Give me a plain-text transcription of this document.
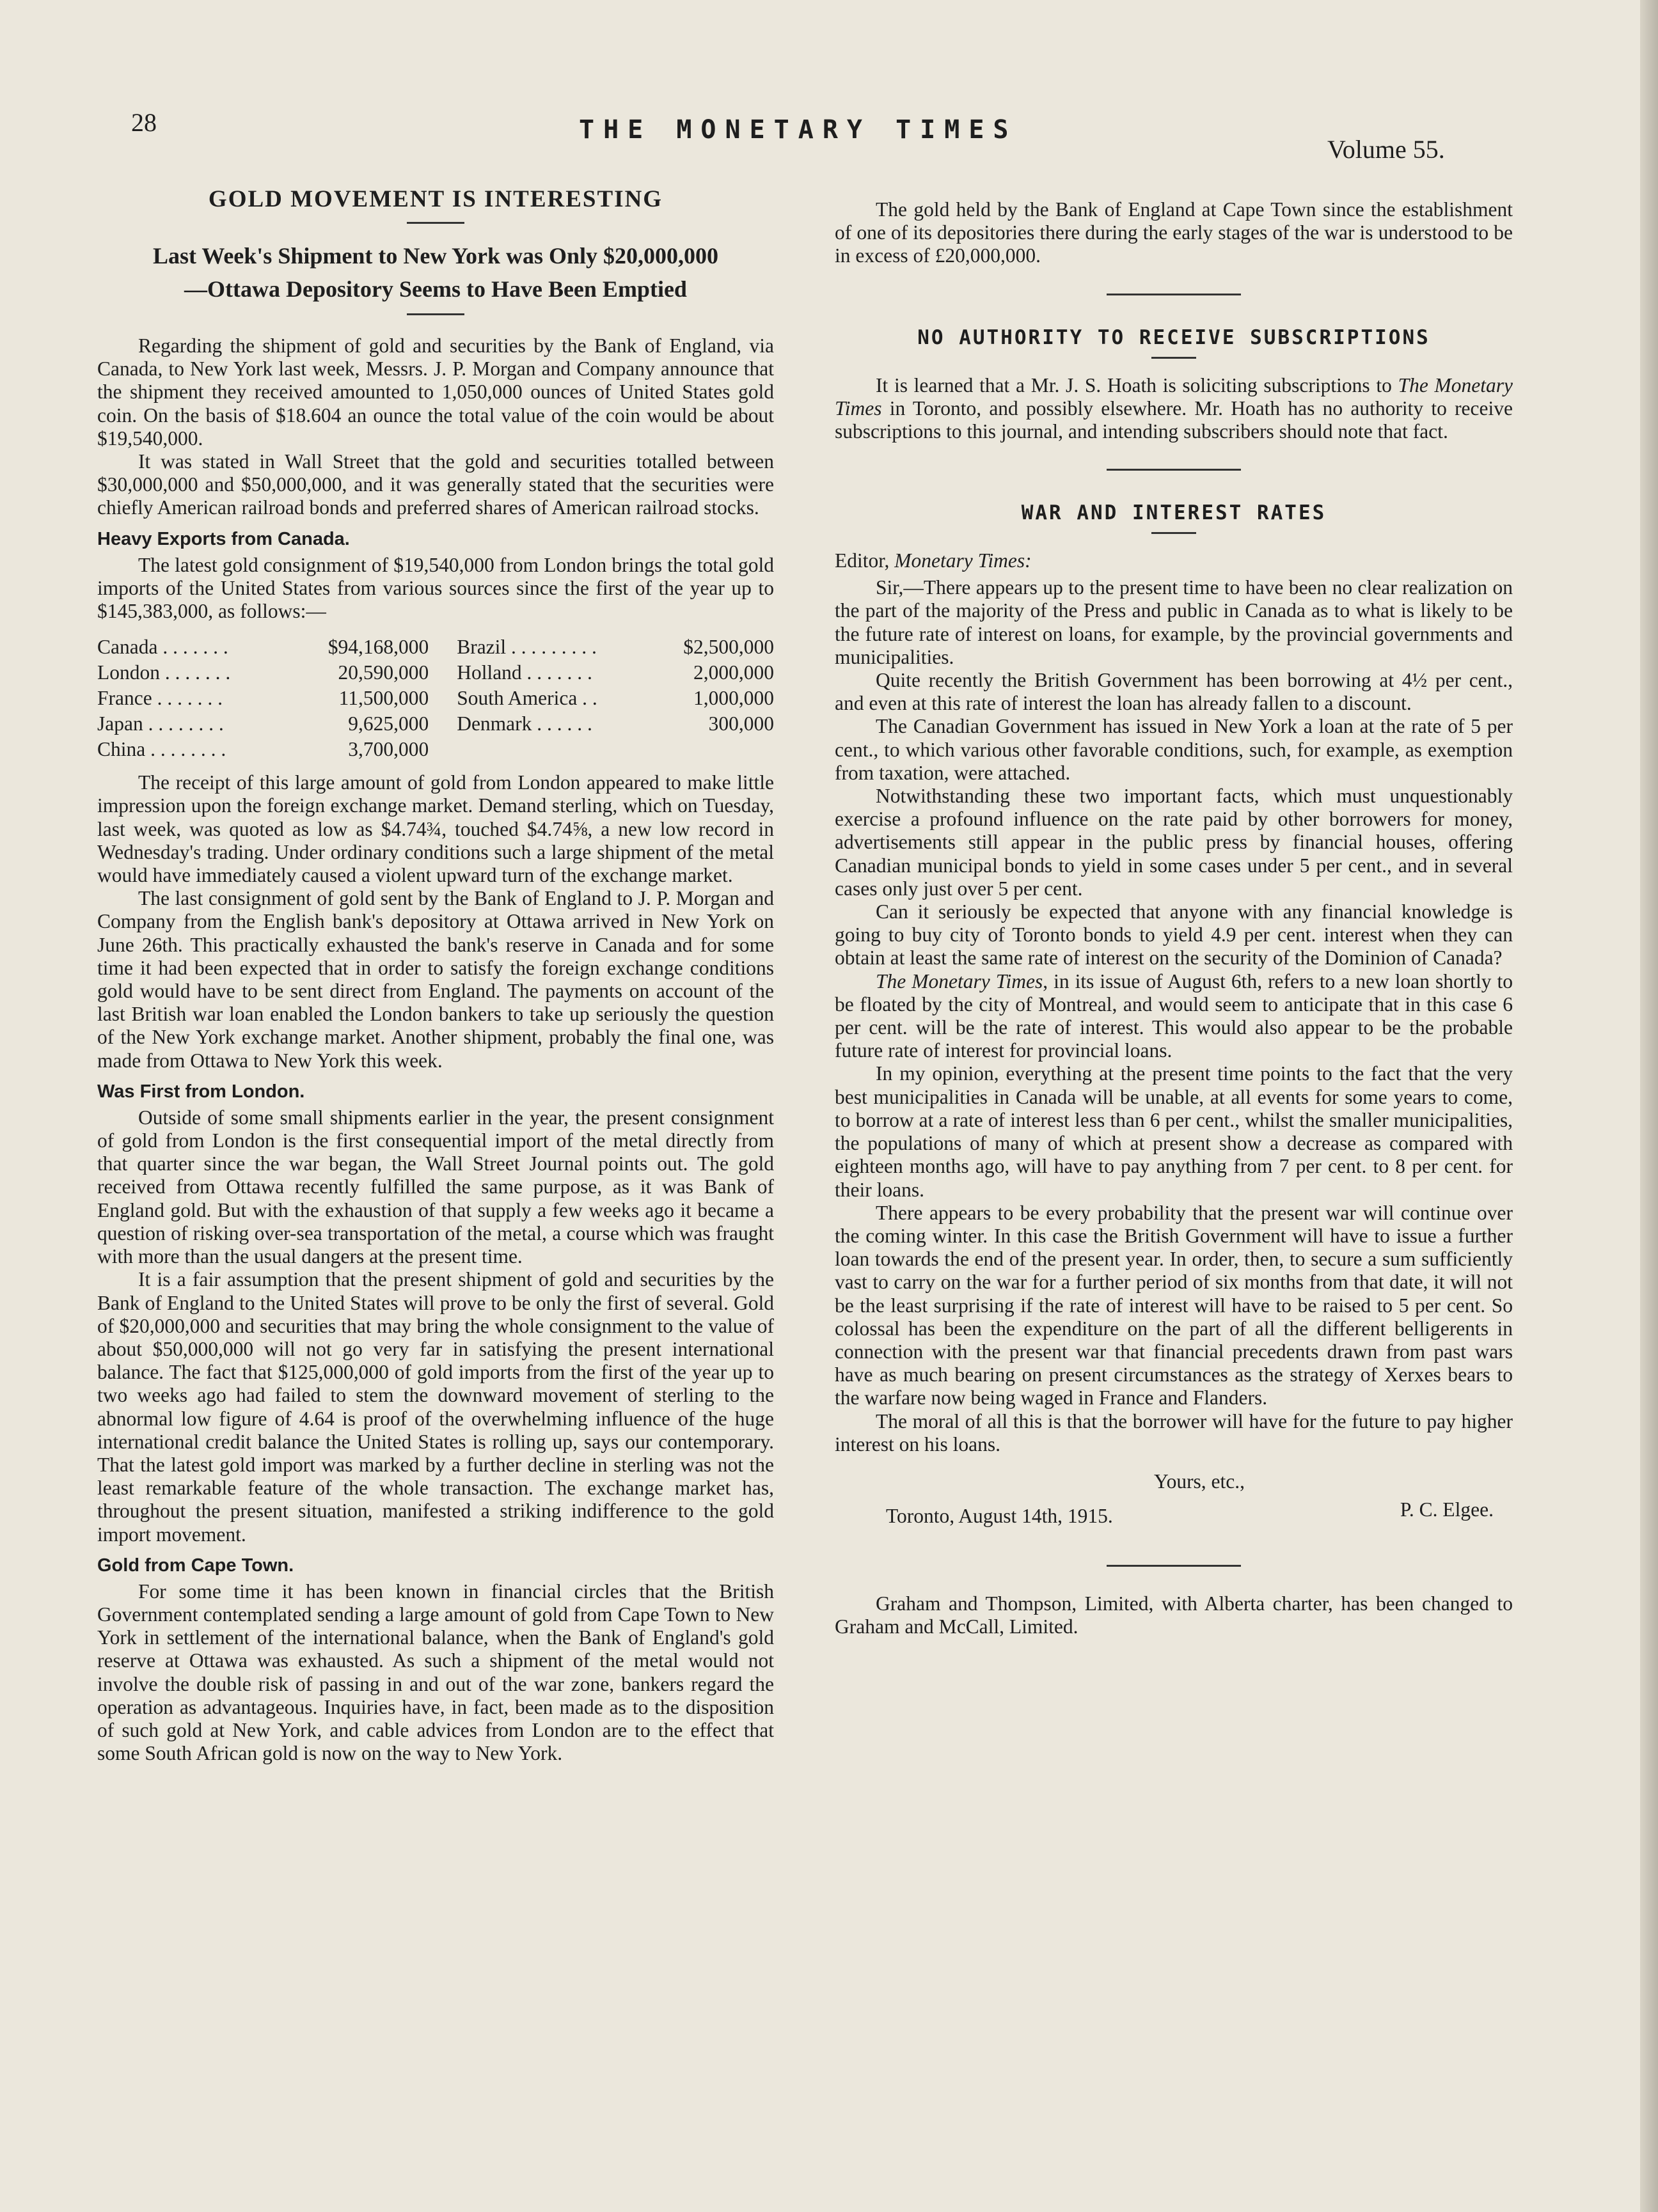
28	THE MONETARY TIMES
Volume 55.
GOLD MOVEMENT IS INTERESTING
Last Week's Shipment to New York was Only $20,000,000
—Ottawa Depository Seems to Have Been Emptied

Regarding the shipment of gold and securities by the Bank of England, via Canada, to New York last week, Messrs. J. P. Morgan and Company announce that the shipment they received amounted to 1,050,000 ounces of United States gold coin. On the basis of $18.604 an ounce the total value of the coin would be about $19,540,000.

It was stated in Wall Street that the gold and securities totalled between $30,000,000 and $50,000,000, and it was generally stated that the securities were chiefly American railroad bonds and preferred shares of American railroad stocks.

Heavy Exports from Canada.

The latest gold consignment of $19,540,000 from London brings the total gold imports of the United States from various sources since the first of the year up to $145,383,000, as follows:—

Canada . . . . . . .	$94,168,000	Brazil . . . . . . . . .	$2,500,000
London . . . . . . .	20,590,000	Holland . . . . . . .	2,000,000
France . . . . . . .	11,500,000	South America . .	1,000,000
Japan . . . . . . . .	9,625,000	Denmark . . . . . .	300,000
China . . . . . . . .	3,700,000		

The receipt of this large amount of gold from London appeared to make little impression upon the foreign exchange market. Demand sterling, which on Tuesday, last week, was quoted as low as $4.74¾, touched $4.74⅝, a new low record in Wednesday's trading. Under ordinary conditions such a large shipment of the metal would have immediately caused a violent upward turn of the exchange market.

The last consignment of gold sent by the Bank of England to J. P. Morgan and Company from the English bank's depository at Ottawa arrived in New York on June 26th. This practically exhausted the bank's reserve in Canada and for some time it had been expected that in order to satisfy the foreign exchange conditions gold would have to be sent direct from England. The payments on account of the last British war loan enabled the London bankers to take up seriously the question of the New York exchange market. Another shipment, probably the final one, was made from Ottawa to New York this week.

Was First from London.

Outside of some small shipments earlier in the year, the present consignment of gold from London is the first consequential import of the metal directly from that quarter since the war began, the Wall Street Journal points out. The gold received from Ottawa recently fulfilled the same purpose, as it was Bank of England gold. But with the exhaustion of that supply a few weeks ago it became a question of risking over-sea transportation of the metal, a course which was fraught with more than the usual dangers at the present time.

It is a fair assumption that the present shipment of gold and securities by the Bank of England to the United States will prove to be only the first of several. Gold of $20,000,000 and securities that may bring the whole consignment to the value of about $50,000,000 will not go very far in satisfying the present international balance. The fact that $125,000,000 of gold imports from the first of the year up to two weeks ago had failed to stem the downward movement of sterling to the abnormal low figure of 4.64 is proof of the overwhelming influence of the huge international credit balance the United States is rolling up, says our contemporary. That the latest gold import was marked by a further decline in sterling was not the least remarkable feature of the whole transaction. The exchange market has, throughout the present situation, manifested a striking indifference to the gold import movement.

Gold from Cape Town.

For some time it has been known in financial circles that the British Government contemplated sending a large amount of gold from Cape Town to New York in settlement of the international balance, when the Bank of England's gold reserve at Ottawa was exhausted. As such a shipment of the metal would not involve the double risk of passing in and out of the war zone, bankers regard the operation as advantageous. Inquiries have, in fact, been made as to the disposition of such gold at New York, and cable advices from London are to the effect that some South African gold is now on the way to New York.

The gold held by the Bank of England at Cape Town since the establishment of one of its depositories there during the early stages of the war is understood to be in excess of £20,000,000.

NO AUTHORITY TO RECEIVE SUBSCRIPTIONS

It is learned that a Mr. J. S. Hoath is soliciting subscriptions to The Monetary Times in Toronto, and possibly elsewhere. Mr. Hoath has no authority to receive subscriptions to this journal, and intending subscribers should note that fact.

WAR AND INTEREST RATES
Editor, Monetary Times:

Sir,—There appears up to the present time to have been no clear realization on the part of the majority of the Press and public in Canada as to what is likely to be the future rate of interest on loans, for example, by the provincial governments and municipalities.

Quite recently the British Government has been borrowing at 4½ per cent., and even at this rate of interest the loan has already fallen to a discount.

The Canadian Government has issued in New York a loan at the rate of 5 per cent., to which various other favorable conditions, such, for example, as exemption from taxation, were attached.

Notwithstanding these two important facts, which must unquestionably exercise a profound influence on the rate paid by other borrowers for money, advertisements still appear in the public press by financial houses, offering Canadian municipal bonds to yield in some cases under 5 per cent., and in several cases only just over 5 per cent.

Can it seriously be expected that anyone with any financial knowledge is going to buy city of Toronto bonds to yield 4.9 per cent. interest when they can obtain at least the same rate of interest on the security of the Dominion of Canada?

The Monetary Times, in its issue of August 6th, refers to a new loan shortly to be floated by the city of Montreal, and would seem to anticipate that in this case 6 per cent. will be the rate of interest. This would also appear to be the probable future rate of interest for provincial loans.

In my opinion, everything at the present time points to the fact that the very best municipalities in Canada will be unable, at all events for some years to come, to borrow at a rate of interest less than 6 per cent., whilst the smaller municipalities, the populations of many of which at present show a decrease as compared with eighteen months ago, will have to pay anything from 7 per cent. to 8 per cent. for their loans.

There appears to be every probability that the present war will continue over the coming winter. In this case the British Government will have to issue a further loan towards the end of the present year. In order, then, to secure a sum sufficiently vast to carry on the war for a further period of six months from that date, it will not be the least surprising if the rate of interest will have to be raised to 5 per cent. So colossal has been the expenditure on the part of all the different belligerents in connection with the present war that financial precedents drawn from past wars have as much bearing on present circumstances as the strategy of Xerxes bears to the warfare now being waged in France and Flanders.

The moral of all this is that the borrower will have for the future to pay higher interest on his loans.

Yours, etc.,
Toronto, August 14th, 1915.	P. C. Elgee.

Graham and Thompson, Limited, with Alberta charter, has been changed to Graham and McCall, Limited.
